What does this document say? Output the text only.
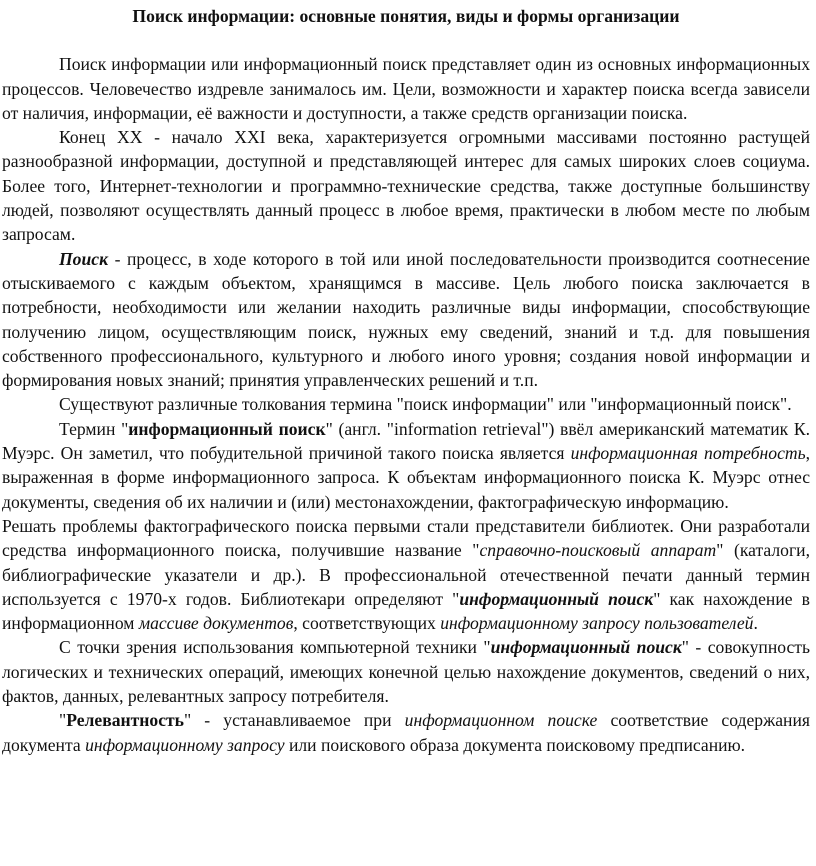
Поиск информации: основные понятия, виды и формы организации

Поиск информации или информационный поиск представляет один из основных информационных процессов. Человечество издревле занималось им. Цели, возможности и характер поиска всегда зависели от наличия, информации, её важности и доступности, а также средств организации поиска.

Конец XX - начало XXI века, характеризуется огромными массивами постоянно растущей разнообразной информации, доступной и представляющей интерес для самых широких слоев социума. Более того, Интернет-технологии и программно-технические средства, также доступные большинству людей, позволяют осуществлять данный процесс в любое время, практически в любом месте по любым запросам.

Поиск - процесс, в ходе которого в той или иной последовательности производится соотнесение отыскиваемого с каждым объектом, хранящимся в массиве. Цель любого поиска заключается в потребности, необходимости или желании находить различные виды информации, способствующие получению лицом, осуществляющим поиск, нужных ему сведений, знаний и т.д. для повышения собственного профессионального, культурного и любого иного уровня; создания новой информации и формирования новых знаний; принятия управленческих решений и т.п.

Существуют различные толкования термина "поиск информации" или "информационный поиск".

Термин "информационный поиск" (англ. "information retrieval") ввёл американский математик К. Муэрс. Он заметил, что побудительной причиной такого поиска является информационная потребность, выраженная в форме информационного запроса. К объектам информационного поиска К. Муэрс отнес документы, сведения об их наличии и (или) местонахождении, фактографическую информацию.

Решать проблемы фактографического поиска первыми стали представители библиотек. Они разработали средства информационного поиска, получившие название "справочно-поисковый аппарат" (каталоги, библиографические указатели и др.). В профессиональной отечественной печати данный термин используется с 1970-х годов. Библиотекари определяют "информационный поиск" как нахождение в информационном массиве документов, соответствующих информационному запросу пользователей.

С точки зрения использования компьютерной техники "информационный поиск" - совокупность логических и технических операций, имеющих конечной целью нахождение документов, сведений о них, фактов, данных, релевантных запросу потребителя.

"Релевантность" - устанавливаемое при информационном поиске соответствие содержания документа информационному запросу или поискового образа документа поисковому предписанию.
